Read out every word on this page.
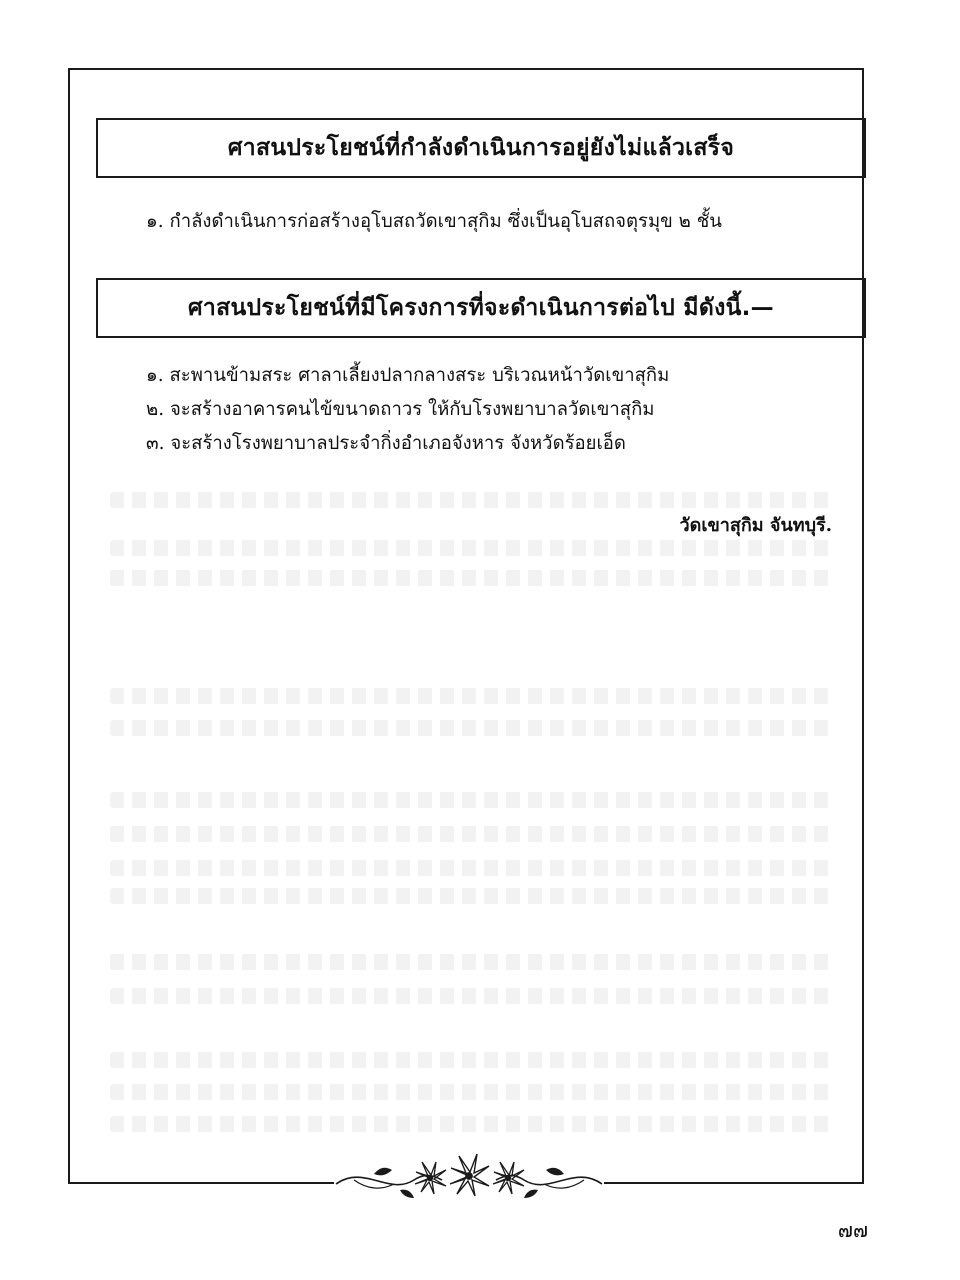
ศาสนประโยชน์ที่กำลังดำเนินการอยู่ยังไม่แล้วเสร็จ
๑. กำลังดำเนินการก่อสร้างอุโบสถวัดเขาสุกิม ซึ่งเป็นอุโบสถจตุรมุข ๒ ชั้น
ศาสนประโยชน์ที่มีโครงการที่จะดำเนินการต่อไป มีดังนี้.—
๑. สะพานข้ามสระ ศาลาเลี้ยงปลากลางสระ บริเวณหน้าวัดเขาสุกิม
๒. จะสร้างอาคารคนไข้ขนาดถาวร ให้กับโรงพยาบาลวัดเขาสุกิม
๓. จะสร้างโรงพยาบาลประจำกิ่งอำเภอจังหาร จังหวัดร้อยเอ็ด
วัดเขาสุกิม จันทบุรี.
๗๗
